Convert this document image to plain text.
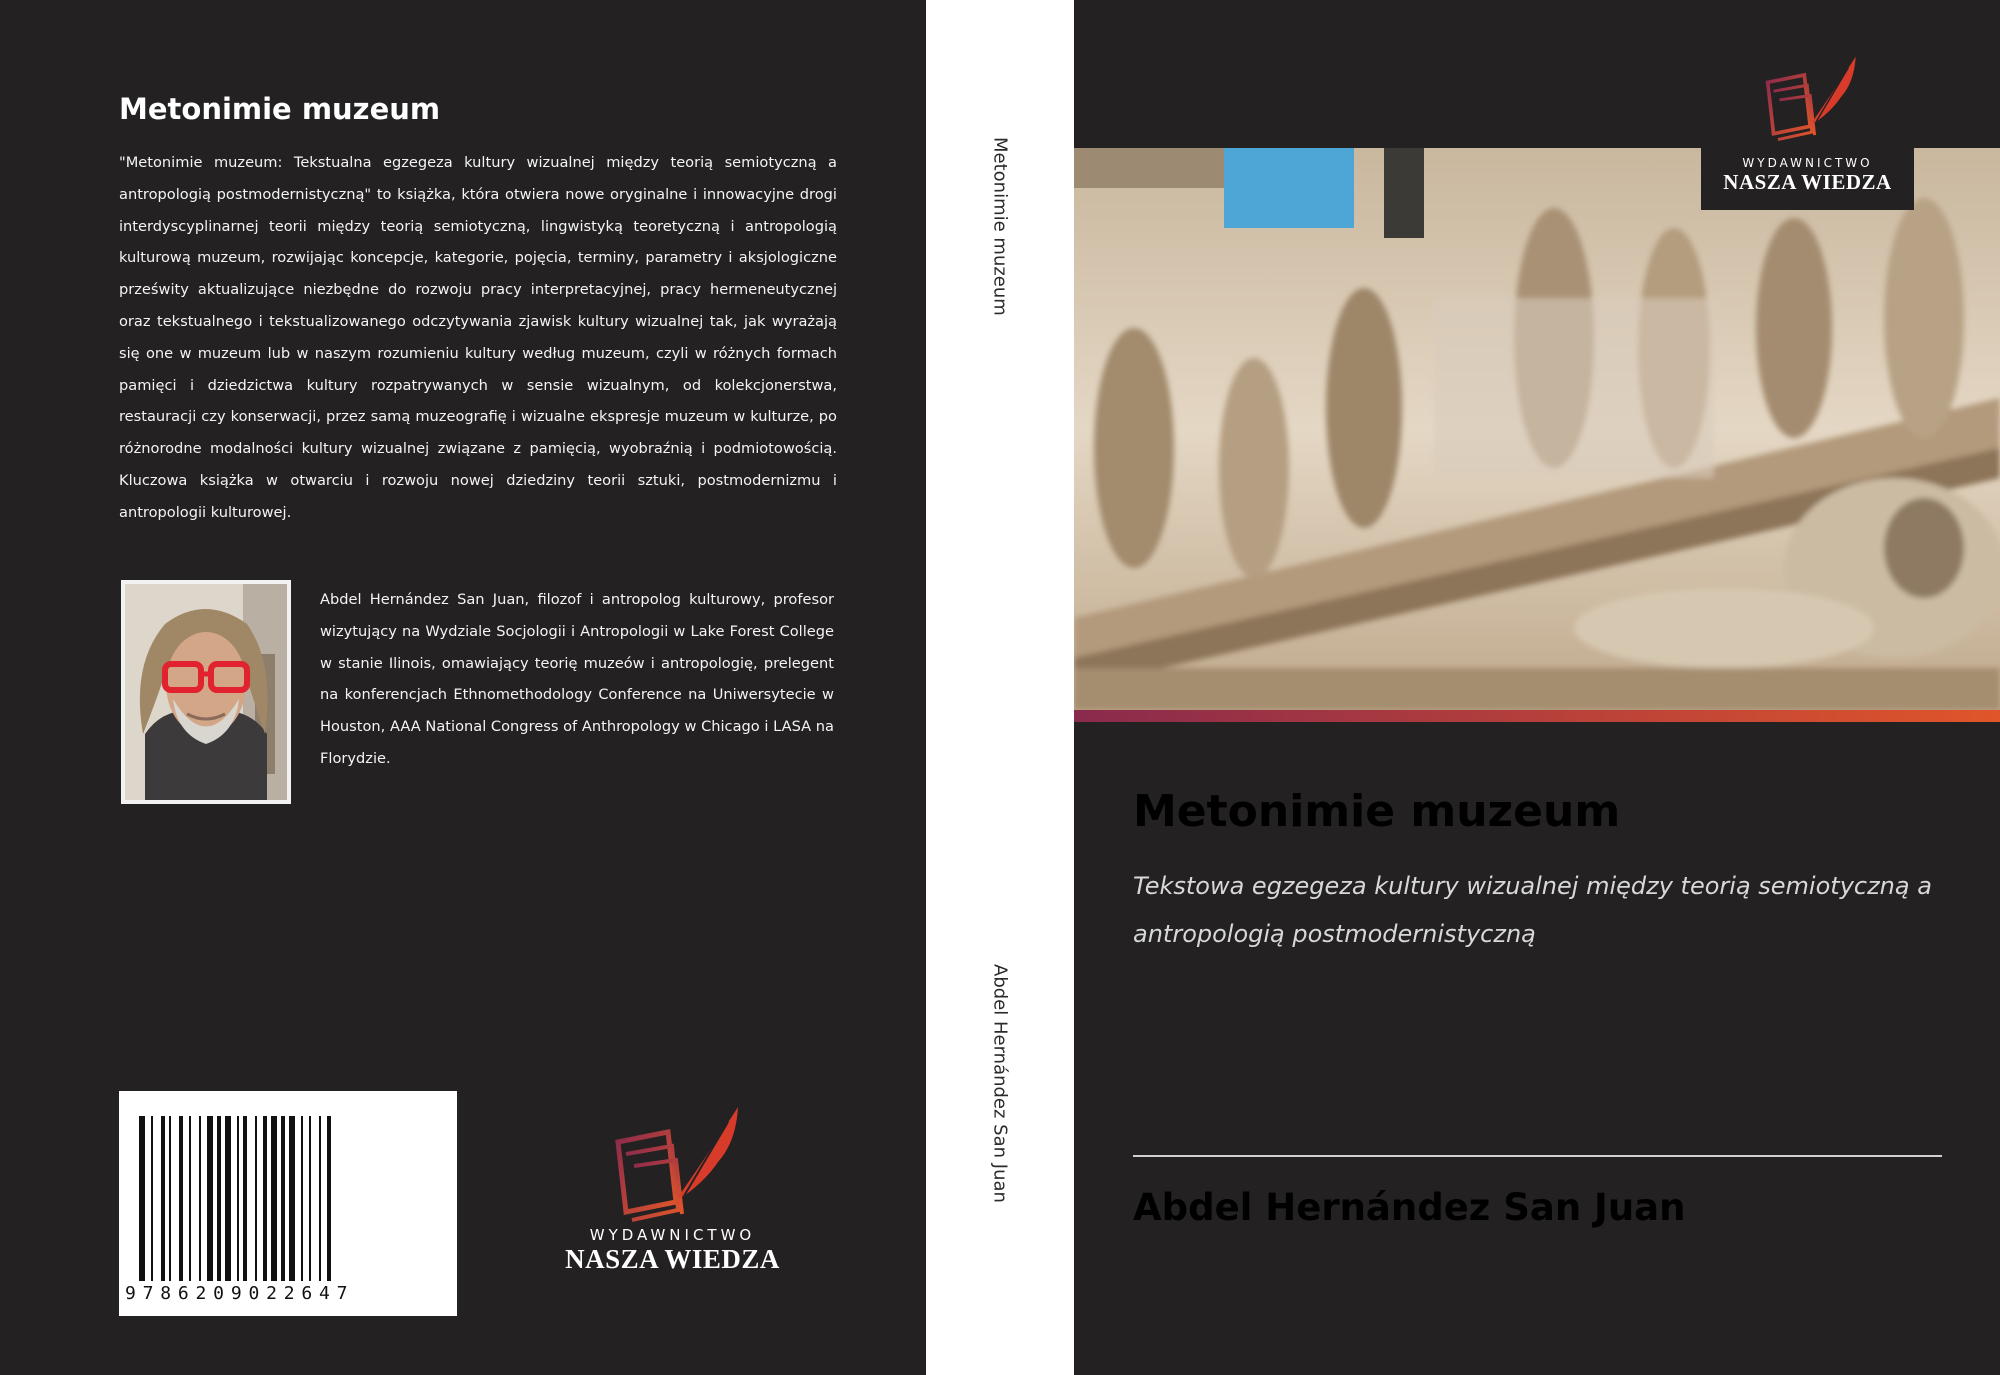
Metonimie muzeum

"Metonimie muzeum: Tekstualna egzegeza kultury wizualnej między teorią semiotyczną a antropologią postmodernistyczną" to książka, która otwiera nowe oryginalne i innowacyjne drogi interdyscyplinarnej teorii między teorią semiotyczną, lingwistyką teoretyczną i antropologią kulturową muzeum, rozwijając koncepcje, kategorie, pojęcia, terminy, parametry i aksjologiczne prześwity aktualizujące niezbędne do rozwoju pracy interpretacyjnej, pracy hermeneutycznej oraz tekstualnego i tekstualizowanego odczytywania zjawisk kultury wizualnej tak, jak wyrażają się one w muzeum lub w naszym rozumieniu kultury według muzeum, czyli w różnych formach pamięci i dziedzictwa kultury rozpatrywanych w sensie wizualnym, od kolekcjonerstwa, restauracji czy konserwacji, przez samą muzeografię i wizualne ekspresje muzeum w kulturze, po różnorodne modalności kultury wizualnej związane z pamięcią, wyobraźnią i podmiotowością. Kluczowa książka w otwarciu i rozwoju nowej dziedziny teorii sztuki, postmodernizmu i antropologii kulturowej.

Abdel Hernández San Juan, filozof i antropolog kulturowy, profesor wizytujący na Wydziale Socjologii i Antropologii w Lake Forest College w stanie Ilinois, omawiający teorię muzeów i antropologię, prelegent na konferencjach Ethnomethodology Conference na Uniwersytecie w Houston, AAA National Congress of Anthropology w Chicago i LASA na Florydzie.

9786209022647
WYDAWNICTWO
NASZA WIEDZA
Metonimie muzeum
Abdel Hernández San Juan
WYDAWNICTWO
NASZA WIEDZA
Metonimie muzeum

Tekstowa egzegeza kultury wizualnej między teorią semiotyczną a antropologią postmodernistyczną

Abdel Hernández San Juan
